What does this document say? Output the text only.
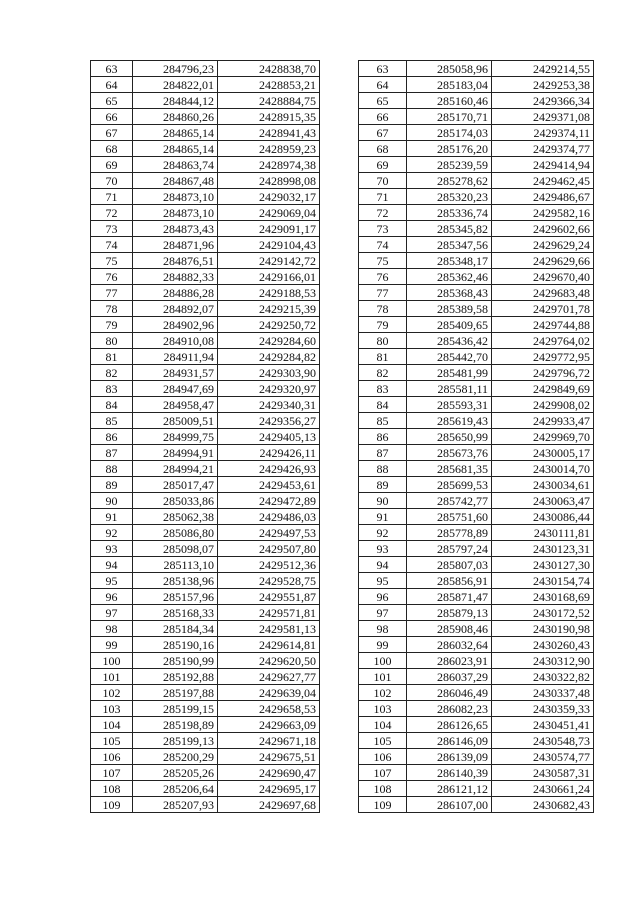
63	284796,23	2428838,70
64	284822,01	2428853,21
65	284844,12	2428884,75
66	284860,26	2428915,35
67	284865,14	2428941,43
68	284865,14	2428959,23
69	284863,74	2428974,38
70	284867,48	2428998,08
71	284873,10	2429032,17
72	284873,10	2429069,04
73	284873,43	2429091,17
74	284871,96	2429104,43
75	284876,51	2429142,72
76	284882,33	2429166,01
77	284886,28	2429188,53
78	284892,07	2429215,39
79	284902,96	2429250,72
80	284910,08	2429284,60
81	284911,94	2429284,82
82	284931,57	2429303,90
83	284947,69	2429320,97
84	284958,47	2429340,31
85	285009,51	2429356,27
86	284999,75	2429405,13
87	284994,91	2429426,11
88	284994,21	2429426,93
89	285017,47	2429453,61
90	285033,86	2429472,89
91	285062,38	2429486,03
92	285086,80	2429497,53
93	285098,07	2429507,80
94	285113,10	2429512,36
95	285138,96	2429528,75
96	285157,96	2429551,87
97	285168,33	2429571,81
98	285184,34	2429581,13
99	285190,16	2429614,81
100	285190,99	2429620,50
101	285192,88	2429627,77
102	285197,88	2429639,04
103	285199,15	2429658,53
104	285198,89	2429663,09
105	285199,13	2429671,18
106	285200,29	2429675,51
107	285205,26	2429690,47
108	285206,64	2429695,17
109	285207,93	2429697,68
63	285058,96	2429214,55
64	285183,04	2429253,38
65	285160,46	2429366,34
66	285170,71	2429371,08
67	285174,03	2429374,11
68	285176,20	2429374,77
69	285239,59	2429414,94
70	285278,62	2429462,45
71	285320,23	2429486,67
72	285336,74	2429582,16
73	285345,82	2429602,66
74	285347,56	2429629,24
75	285348,17	2429629,66
76	285362,46	2429670,40
77	285368,43	2429683,48
78	285389,58	2429701,78
79	285409,65	2429744,88
80	285436,42	2429764,02
81	285442,70	2429772,95
82	285481,99	2429796,72
83	285581,11	2429849,69
84	285593,31	2429908,02
85	285619,43	2429933,47
86	285650,99	2429969,70
87	285673,76	2430005,17
88	285681,35	2430014,70
89	285699,53	2430034,61
90	285742,77	2430063,47
91	285751,60	2430086,44
92	285778,89	2430111,81
93	285797,24	2430123,31
94	285807,03	2430127,30
95	285856,91	2430154,74
96	285871,47	2430168,69
97	285879,13	2430172,52
98	285908,46	2430190,98
99	286032,64	2430260,43
100	286023,91	2430312,90
101	286037,29	2430322,82
102	286046,49	2430337,48
103	286082,23	2430359,33
104	286126,65	2430451,41
105	286146,09	2430548,73
106	286139,09	2430574,77
107	286140,39	2430587,31
108	286121,12	2430661,24
109	286107,00	2430682,43
